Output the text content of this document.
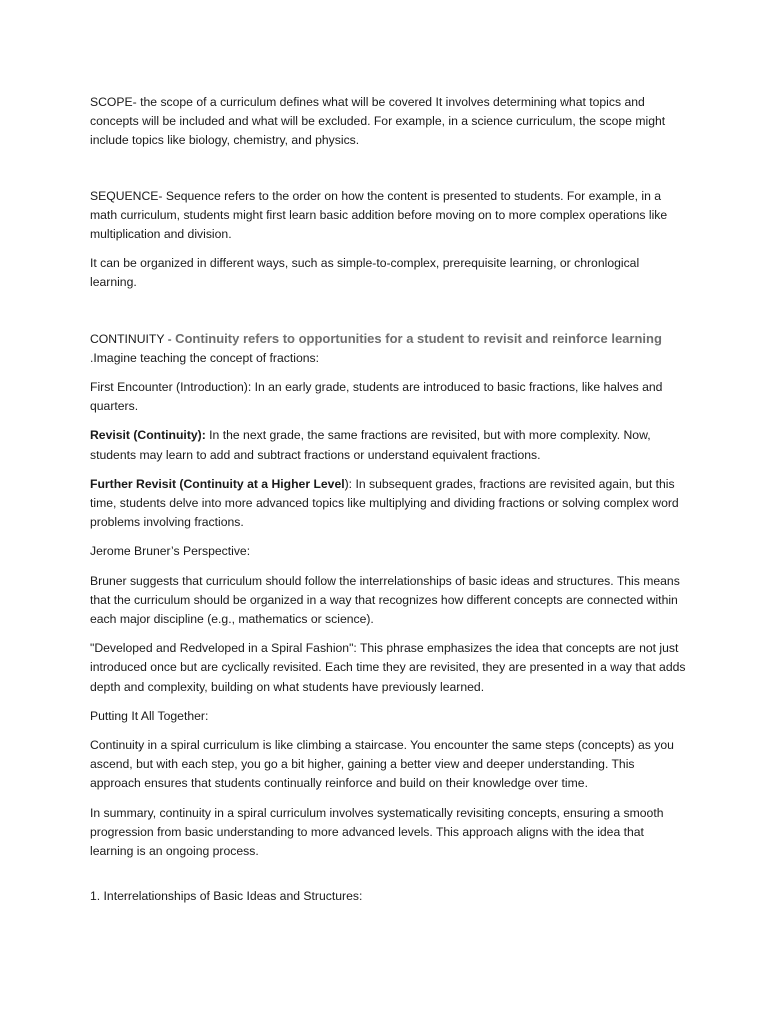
SCOPE- the scope of a curriculum defines what will be covered It involves determining what topics and concepts will be included and what will be excluded. For example, in a science curriculum, the scope might include topics like biology, chemistry, and physics.

SEQUENCE- Sequence refers to the order on how the content is presented to students. For example, in a math curriculum, students might first learn basic addition before moving on to more complex operations like multiplication and division.

It can be organized in different ways, such as simple-to-complex, prerequisite learning, or chronlogical learning.

CONTINUITY - Continuity refers to opportunities for a student to revisit and reinforce learning .Imagine teaching the concept of fractions:

First Encounter (Introduction): In an early grade, students are introduced to basic fractions, like halves and quarters.

Revisit (Continuity): In the next grade, the same fractions are revisited, but with more complexity. Now, students may learn to add and subtract fractions or understand equivalent fractions.

Further Revisit (Continuity at a Higher Level): In subsequent grades, fractions are revisited again, but this time, students delve into more advanced topics like multiplying and dividing fractions or solving complex word problems involving fractions.

Jerome Bruner’s Perspective:

Bruner suggests that curriculum should follow the interrelationships of basic ideas and structures. This means that the curriculum should be organized in a way that recognizes how different concepts are connected within each major discipline (e.g., mathematics or science).

"Developed and Redveloped in a Spiral Fashion": This phrase emphasizes the idea that concepts are not just introduced once but are cyclically revisited. Each time they are revisited, they are presented in a way that adds depth and complexity, building on what students have previously learned.

Putting It All Together:

Continuity in a spiral curriculum is like climbing a staircase. You encounter the same steps (concepts) as you ascend, but with each step, you go a bit higher, gaining a better view and deeper understanding. This approach ensures that students continually reinforce and build on their knowledge over time.

In summary, continuity in a spiral curriculum involves systematically revisiting concepts, ensuring a smooth progression from basic understanding to more advanced levels. This approach aligns with the idea that learning is an ongoing process.

1. Interrelationships of Basic Ideas and Structures:
